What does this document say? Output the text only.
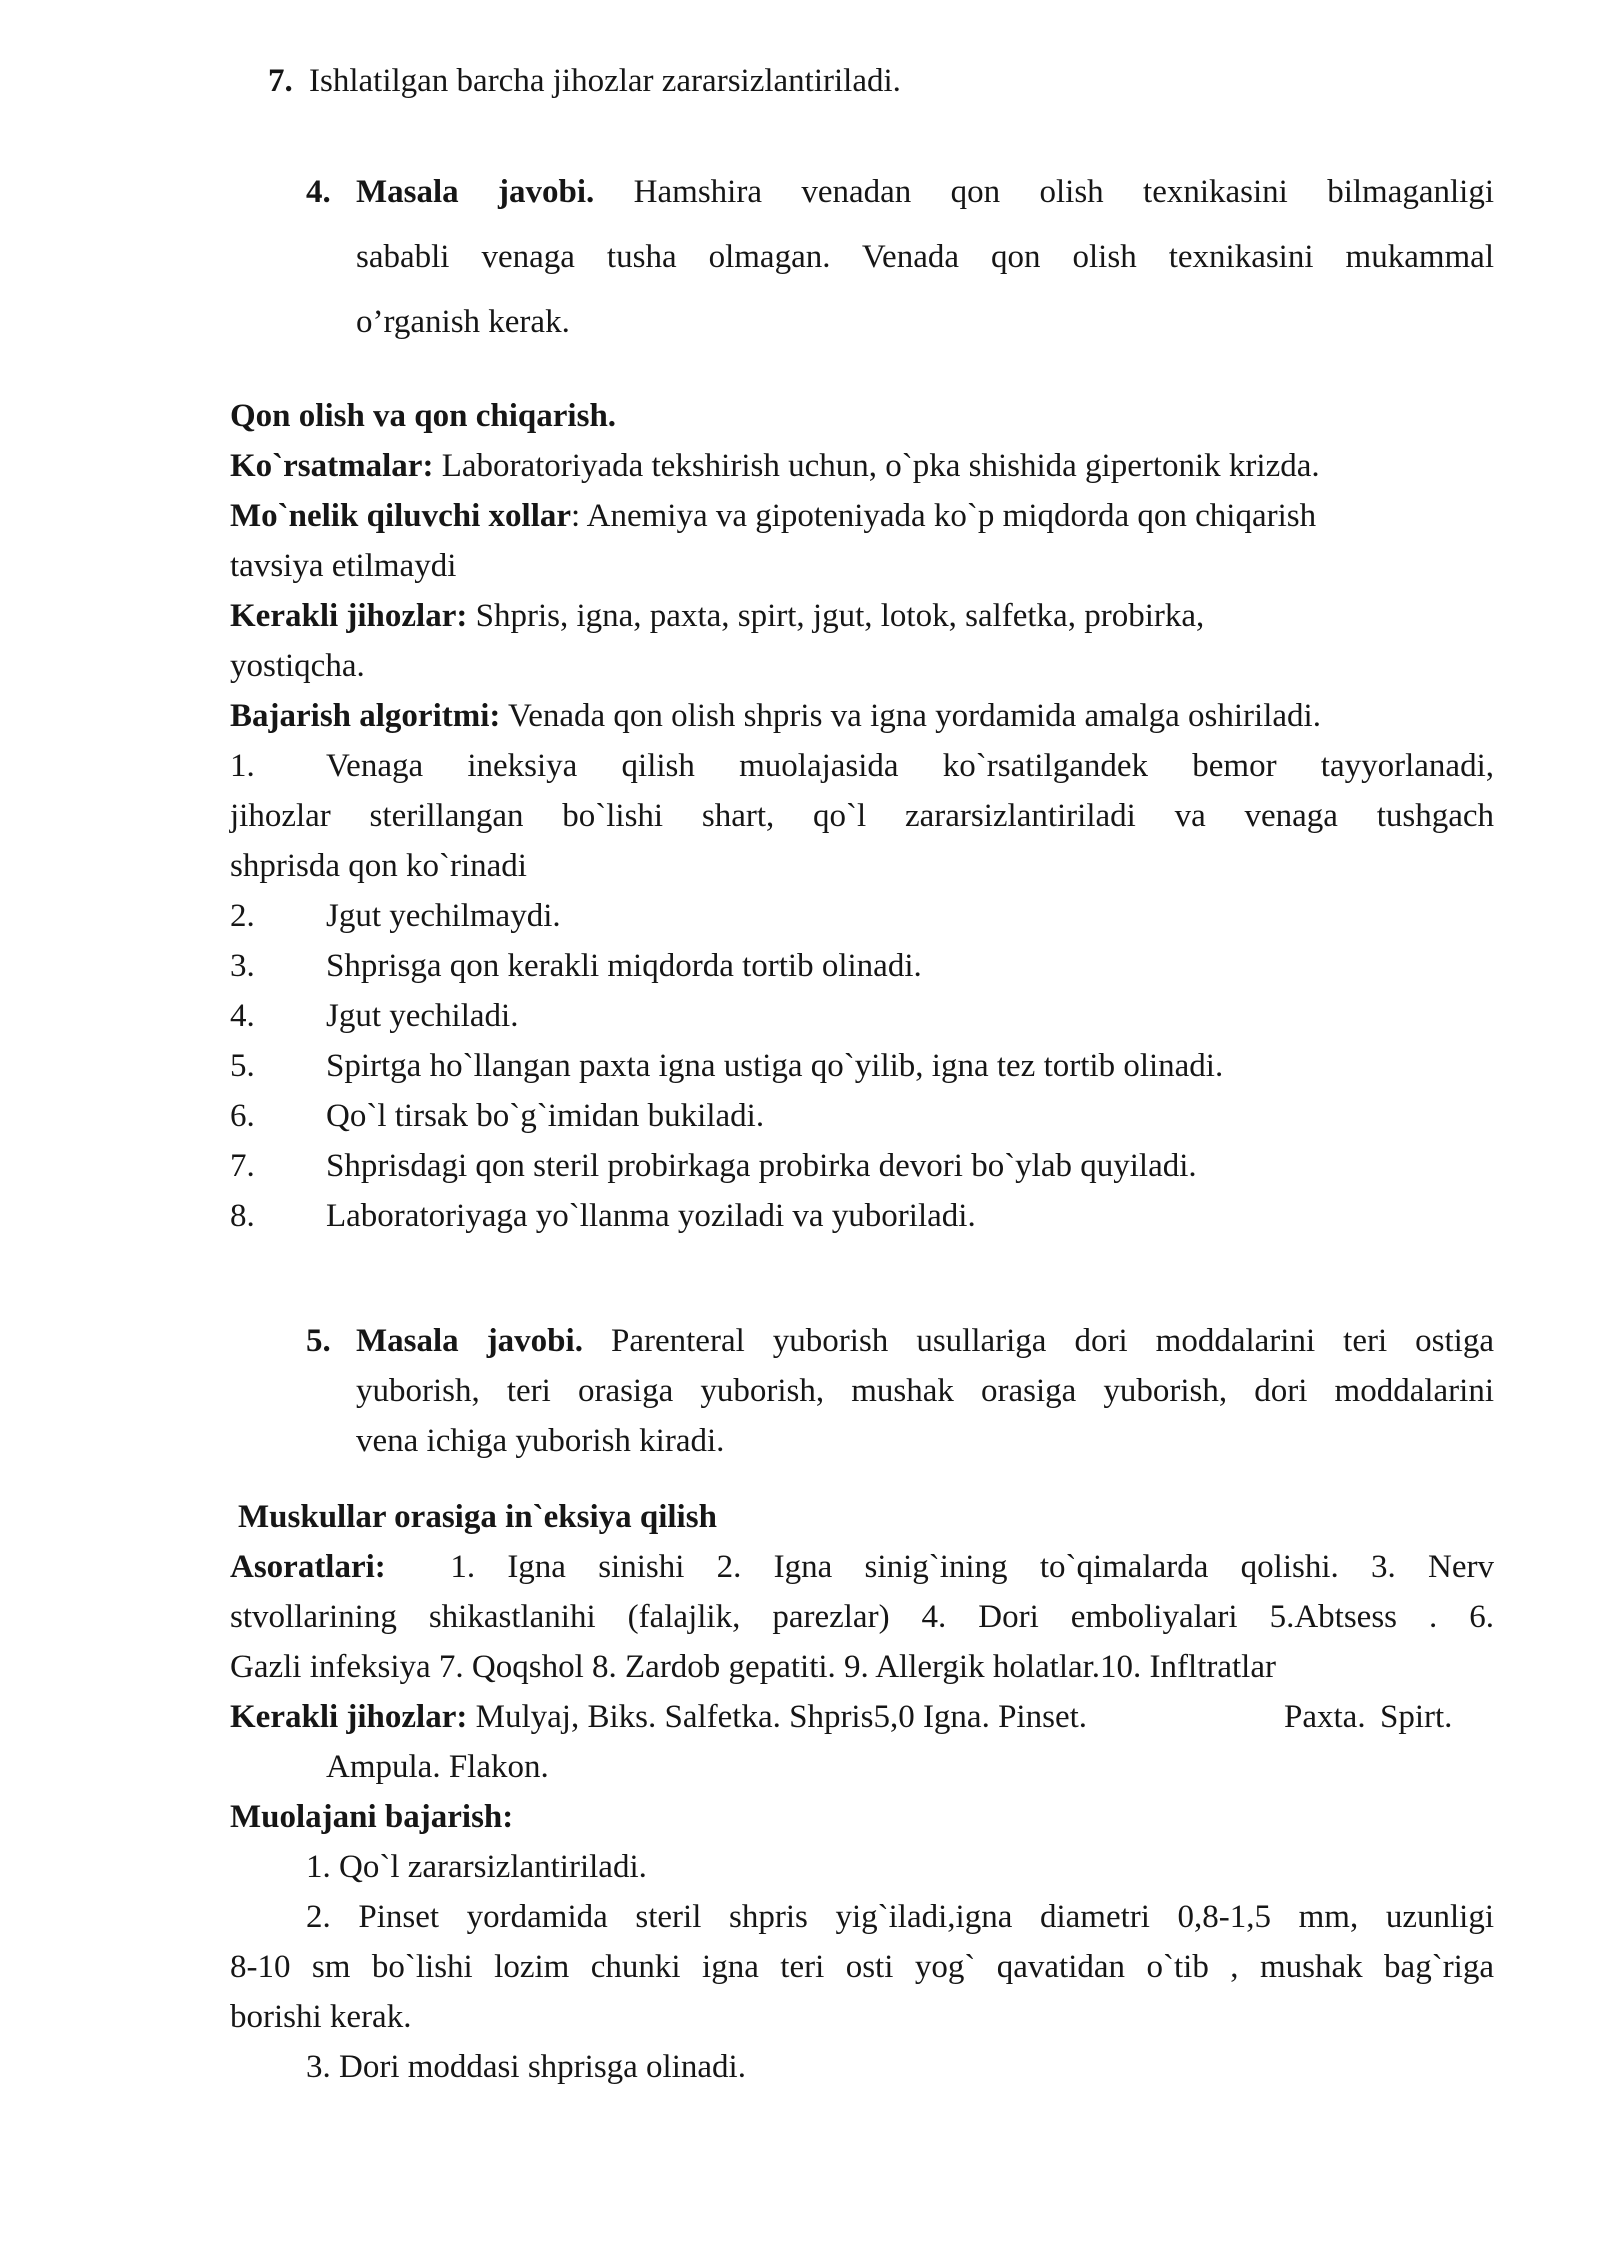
7. Ishlatilgan barcha jihozlar zararsizlantiriladi.
4. Masala javobi. Hamshira venadan qon olish texnikasini bilmaganligi
sababli venaga tusha olmagan. Venada qon olish texnikasini mukammal
o’rganish kerak.
Qon olish va qon chiqarish.
Ko`rsatmalar: Laboratoriyada tekshirish uchun, o`pka shishida gipertonik krizda.
Mo`nelik qiluvchi xollar: Anemiya va gipoteniyada ko`p miqdorda qon chiqarish
tavsiya etilmaydi
Kerakli jihozlar: Shpris, igna, paxta, spirt, jgut, lotok, salfetka, probirka,
yostiqcha.
Bajarish algoritmi: Venada qon olish shpris va igna yordamida amalga oshiriladi.
1. Venaga ineksiya qilish muolajasida ko`rsatilgandek bemor tayyorlanadi,
jihozlar sterillangan bo`lishi shart, qo`l zararsizlantiriladi va venaga tushgach
shprisda qon ko`rinadi
2. Jgut yechilmaydi.
3. Shprisga qon kerakli miqdorda tortib olinadi.
4. Jgut yechiladi.
5. Spirtga ho`llangan paxta igna ustiga qo`yilib, igna tez tortib olinadi.
6. Qo`l tirsak bo`g`imidan bukiladi.
7. Shprisdagi qon steril probirkaga probirka devori bo`ylab quyiladi.
8. Laboratoriyaga yo`llanma yoziladi va yuboriladi.
5. Masala javobi. Parenteral yuborish usullariga dori moddalarini teri ostiga
yuborish, teri orasiga yuborish, mushak orasiga yuborish, dori moddalarini
vena ichiga yuborish kiradi.
Muskullar orasiga in`eksiya qilish
Asoratlari: 1. Igna sinishi 2. Igna sinig`ining to`qimalarda qolishi. 3. Nerv
stvollarining shikastlanihi (falajlik, parezlar) 4. Dori emboliyalari 5.Abtsess . 6.
Gazli infeksiya 7. Qoqshol 8. Zardob gepatiti. 9. Allergik holatlar.10. Infltratlar
Kerakli jihozlar: Mulyaj, Biks. Salfetka. Shpris5,0 Igna. Pinset.	Paxta. Spirt.
Ampula. Flakon.
Muolajani bajarish:
1. Qo`l zararsizlantiriladi.
2. Pinset yordamida steril shpris yig`iladi,igna diametri 0,8-1,5 mm, uzunligi
8-10 sm bo`lishi lozim chunki igna teri osti yog` qavatidan o`tib , mushak bag`riga
borishi kerak.
3. Dori moddasi shprisga olinadi.
